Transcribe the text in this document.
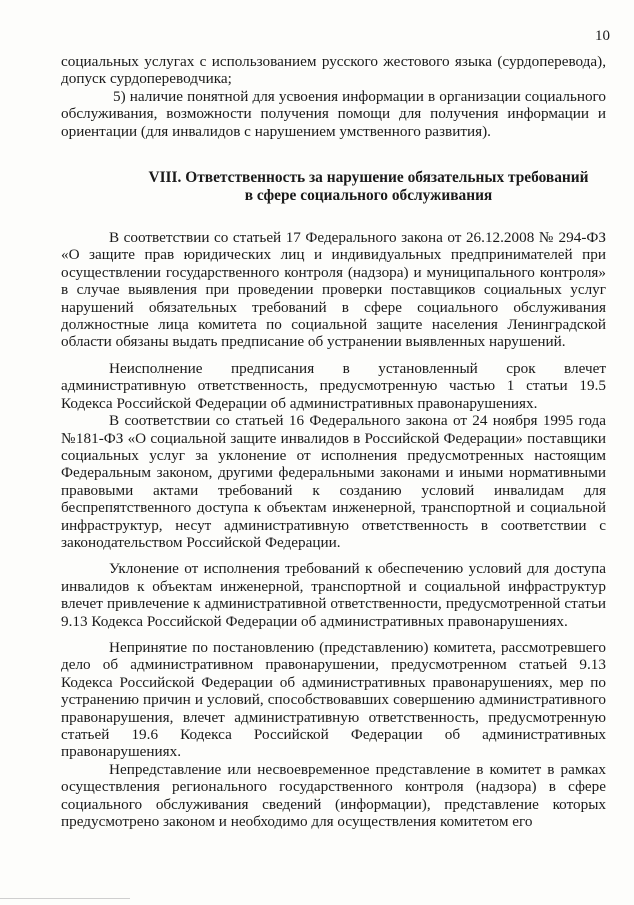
10

социальных услугах с использованием русского жестового языка (сурдоперевода), допуск сурдопереводчика;

5) наличие понятной для усвоения информации в организации социального обслуживания, возможности получения помощи для получения информации и ориентации (для инвалидов с нарушением умственного развития).

VIII. Ответственность за нарушение обязательных требований
в сфере социального обслуживания

В соответствии со статьей 17 Федерального закона от 26.12.2008 № 294-ФЗ «О защите прав юридических лиц и индивидуальных предпринимателей при осуществлении государственного контроля (надзора) и муниципального контроля» в случае выявления при проведении проверки поставщиков социальных услуг нарушений обязательных требований в сфере социального обслуживания должностные лица комитета по социальной защите населения Ленинградской области обязаны выдать предписание об устранении выявленных нарушений.

Неисполнение предписания в установленный срок влечет административную ответственность, предусмотренную частью 1 статьи 19.5 Кодекса Российской Федерации об административных правонарушениях.

В соответствии со статьей 16 Федерального закона от 24 ноября 1995 года №181-ФЗ «О социальной защите инвалидов в Российской Федерации» поставщики социальных услуг за уклонение от исполнения предусмотренных настоящим Федеральным законом, другими федеральными законами и иными нормативными правовыми актами требований к созданию условий инвалидам для беспрепятственного доступа к объектам инженерной, транспортной и социальной инфраструктур, несут административную ответственность в соответствии с законодательством Российской Федерации.

Уклонение от исполнения требований к обеспечению условий для доступа инвалидов к объектам инженерной, транспортной и социальной инфраструктур влечет привлечение к административной ответственности, предусмотренной статьи 9.13 Кодекса Российской Федерации об административных правонарушениях.

Непринятие по постановлению (представлению) комитета, рассмотревшего дело об административном правонарушении, предусмотренном статьей 9.13 Кодекса Российской Федерации об административных правонарушениях, мер по устранению причин и условий, способствовавших совершению административного правонарушения, влечет административную ответственность, предусмотренную статьей 19.6 Кодекса Российской Федерации об административных правонарушениях.

Непредставление или несвоевременное представление в комитет в рамках осуществления регионального государственного контроля (надзора) в сфере социального обслуживания сведений (информации), представление которых предусмотрено законом и необходимо для осуществления комитетом его
